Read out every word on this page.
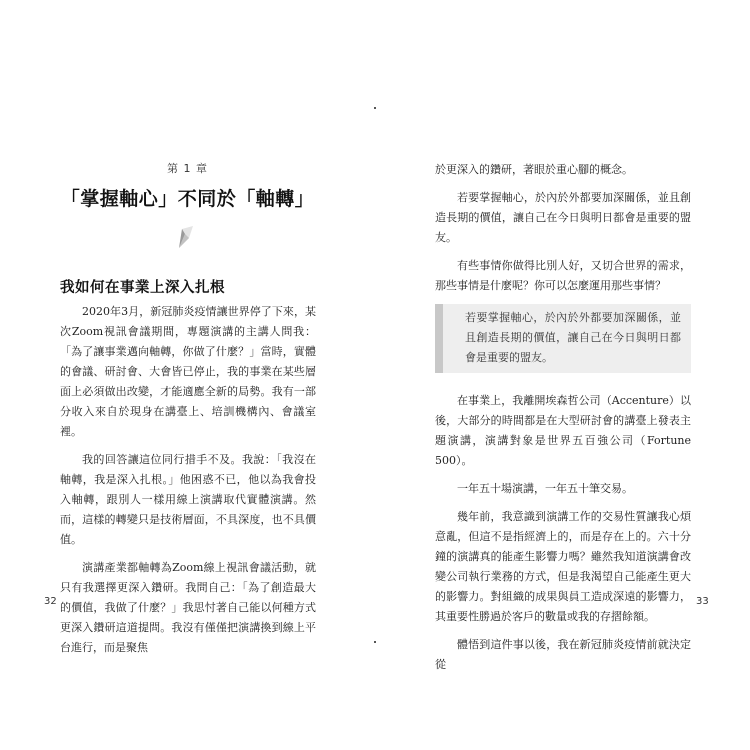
第 1 章
「掌握軸心」不同於「軸轉」
我如何在事業上深入扎根

2020年3月，新冠肺炎疫情讓世界停了下來，某次Zoom視訊會議期間，專題演講的主講人問我：「為了讓事業邁向軸轉，你做了什麼？」當時，實體的會議、研討會、大會皆已停止，我的事業在某些層面上必須做出改變，才能適應全新的局勢。我有一部分收入來自於現身在講臺上、培訓機構內、會議室裡。

我的回答讓這位同行措手不及。我說：「我沒在軸轉，我是深入扎根。」他困惑不已，他以為我會投入軸轉，跟別人一樣用線上演講取代實體演講。然而，這樣的轉變只是技術層面，不具深度，也不具價值。

演講產業都軸轉為Zoom線上視訊會議活動，就只有我選擇更深入鑽研。我問自己：「為了創造最大的價值，我做了什麼？」我思忖著自己能以何種方式更深入鑽研這道提問。我沒有僅僅把演講換到線上平台進行，而是聚焦

32

於更深入的鑽研，著眼於重心腳的概念。

若要掌握軸心，於內於外都要加深關係，並且創造長期的價值，讓自己在今日與明日都會是重要的盟友。

有些事情你做得比別人好，又切合世界的需求，那些事情是什麼呢？你可以怎麼運用那些事情？

若要掌握軸心，於內於外都要加深關係，並且創造長期的價值，讓自己在今日與明日都會是重要的盟友。

在事業上，我離開埃森哲公司（Accenture）以後，大部分的時間都是在大型研討會的講臺上發表主題演講，演講對象是世界五百強公司（Fortune 500）。

一年五十場演講，一年五十筆交易。

幾年前，我意識到演講工作的交易性質讓我心煩意亂，但這不是指經濟上的，而是存在上的。六十分鐘的演講真的能產生影響力嗎？雖然我知道演講會改變公司執行業務的方式，但是我渴望自己能產生更大的影響力。對組織的成果與員工造成深遠的影響力，其重要性勝過於客戶的數量或我的存摺餘額。

體悟到這件事以後，我在新冠肺炎疫情前就決定從

33
